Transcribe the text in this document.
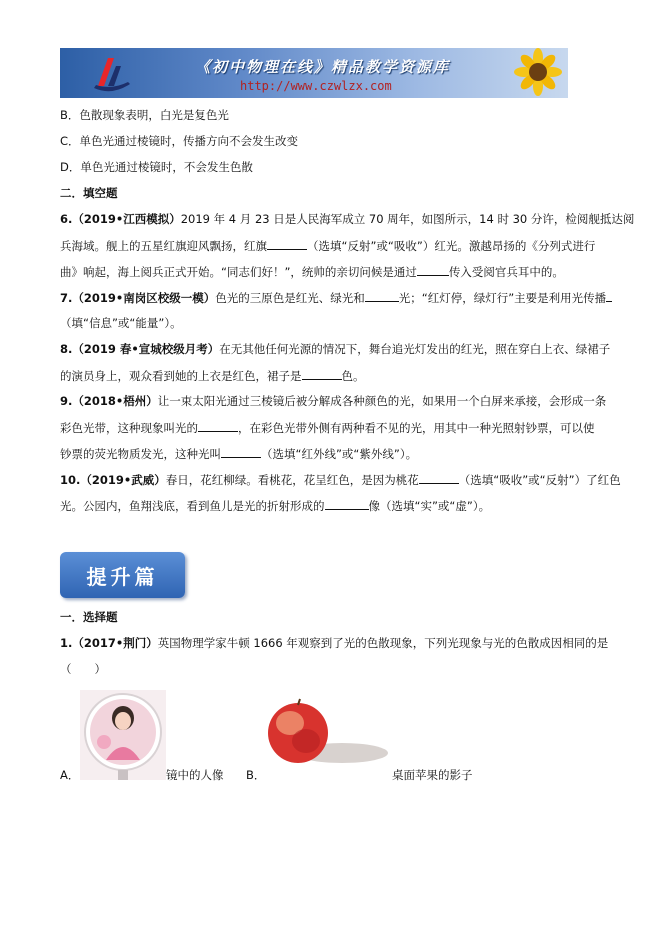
《初中物理在线》精品教学资源库
http://www.czwlzx.com
B．色散现象表明，白光是复色光
C．单色光通过棱镜时，传播方向不会发生改变
D．单色光通过棱镜时，不会发生色散
二．填空题
6.（2019•江西模拟）2019 年 4 月 23 日是人民海军成立 70 周年，如图所示，14 时 30 分许，检阅舰抵达阅
兵海域。舰上的五星红旗迎风飘扬，红旗	（选填“反射”或“吸收”）红光。激越昂扬的《分列式进行
曲》响起，海上阅兵正式开始。“同志们好！”，统帅的亲切问候是通过	传入受阅官兵耳中的。
7.（2019•南岗区校级一模）色光的三原色是红光、绿光和	光；“红灯停，绿灯行”主要是利用光传播
（填“信息”或“能量”）。
8.（2019 春•宣城校级月考）在无其他任何光源的情况下，舞台追光灯发出的红光，照在穿白上衣、绿裙子
的演员身上，观众看到她的上衣是红色，裙子是	色。
9.（2018•梧州）让一束太阳光通过三棱镜后被分解成各种颜色的光，如果用一个白屏来承接，会形成一条
彩色光带，这种现象叫光的	，在彩色光带外侧有两种看不见的光，用其中一种光照射钞票，可以使
钞票的荧光物质发光，这种光叫	（选填“红外线”或“紫外线”）。
10.（2019•武威）春日，花红柳绿。看桃花，花呈红色，是因为桃花	（选填“吸收”或“反射”）了红色
光。公园内，鱼翔浅底，看到鱼儿是光的折射形成的	像（选填“实”或“虚”）。
提升篇
一．选择题
1.（2017•荆门）英国物理学家牛顿 1666 年观察到了光的色散现象，下列光现象与光的色散成因相同的是
（　　）
A．	镜中的人像 B．	桌面苹果的影子
